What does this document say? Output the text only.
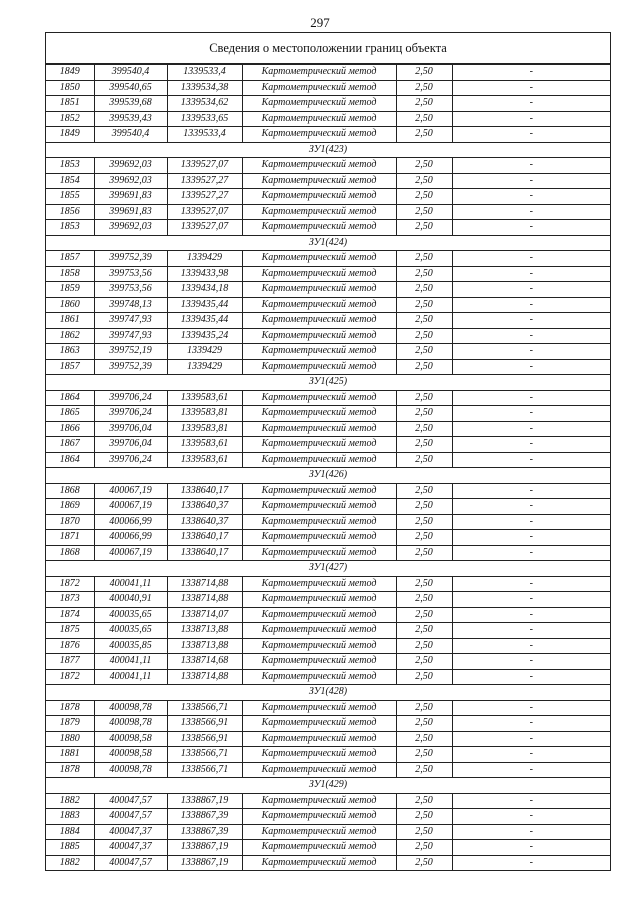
297
Сведения о местоположении границ объекта
1849	399540,4	1339533,4	Картометрический метод	2,50	-
1850	399540,65	1339534,38	Картометрический метод	2,50	-
1851	399539,68	1339534,62	Картометрический метод	2,50	-
1852	399539,43	1339533,65	Картометрический метод	2,50	-
1849	399540,4	1339533,4	Картометрический метод	2,50	-
ЗУ1(423)					
1853	399692,03	1339527,07	Картометрический метод	2,50	-
1854	399692,03	1339527,27	Картометрический метод	2,50	-
1855	399691,83	1339527,27	Картометрический метод	2,50	-
1856	399691,83	1339527,07	Картометрический метод	2,50	-
1853	399692,03	1339527,07	Картометрический метод	2,50	-
ЗУ1(424)					
1857	399752,39	1339429	Картометрический метод	2,50	-
1858	399753,56	1339433,98	Картометрический метод	2,50	-
1859	399753,56	1339434,18	Картометрический метод	2,50	-
1860	399748,13	1339435,44	Картометрический метод	2,50	-
1861	399747,93	1339435,44	Картометрический метод	2,50	-
1862	399747,93	1339435,24	Картометрический метод	2,50	-
1863	399752,19	1339429	Картометрический метод	2,50	-
1857	399752,39	1339429	Картометрический метод	2,50	-
ЗУ1(425)					
1864	399706,24	1339583,61	Картометрический метод	2,50	-
1865	399706,24	1339583,81	Картометрический метод	2,50	-
1866	399706,04	1339583,81	Картометрический метод	2,50	-
1867	399706,04	1339583,61	Картометрический метод	2,50	-
1864	399706,24	1339583,61	Картометрический метод	2,50	-
ЗУ1(426)					
1868	400067,19	1338640,17	Картометрический метод	2,50	-
1869	400067,19	1338640,37	Картометрический метод	2,50	-
1870	400066,99	1338640,37	Картометрический метод	2,50	-
1871	400066,99	1338640,17	Картометрический метод	2,50	-
1868	400067,19	1338640,17	Картометрический метод	2,50	-
ЗУ1(427)					
1872	400041,11	1338714,88	Картометрический метод	2,50	-
1873	400040,91	1338714,88	Картометрический метод	2,50	-
1874	400035,65	1338714,07	Картометрический метод	2,50	-
1875	400035,65	1338713,88	Картометрический метод	2,50	-
1876	400035,85	1338713,88	Картометрический метод	2,50	-
1877	400041,11	1338714,68	Картометрический метод	2,50	-
1872	400041,11	1338714,88	Картометрический метод	2,50	-
ЗУ1(428)					
1878	400098,78	1338566,71	Картометрический метод	2,50	-
1879	400098,78	1338566,91	Картометрический метод	2,50	-
1880	400098,58	1338566,91	Картометрический метод	2,50	-
1881	400098,58	1338566,71	Картометрический метод	2,50	-
1878	400098,78	1338566,71	Картометрический метод	2,50	-
ЗУ1(429)					
1882	400047,57	1338867,19	Картометрический метод	2,50	-
1883	400047,57	1338867,39	Картометрический метод	2,50	-
1884	400047,37	1338867,39	Картометрический метод	2,50	-
1885	400047,37	1338867,19	Картометрический метод	2,50	-
1882	400047,57	1338867,19	Картометрический метод	2,50	-
